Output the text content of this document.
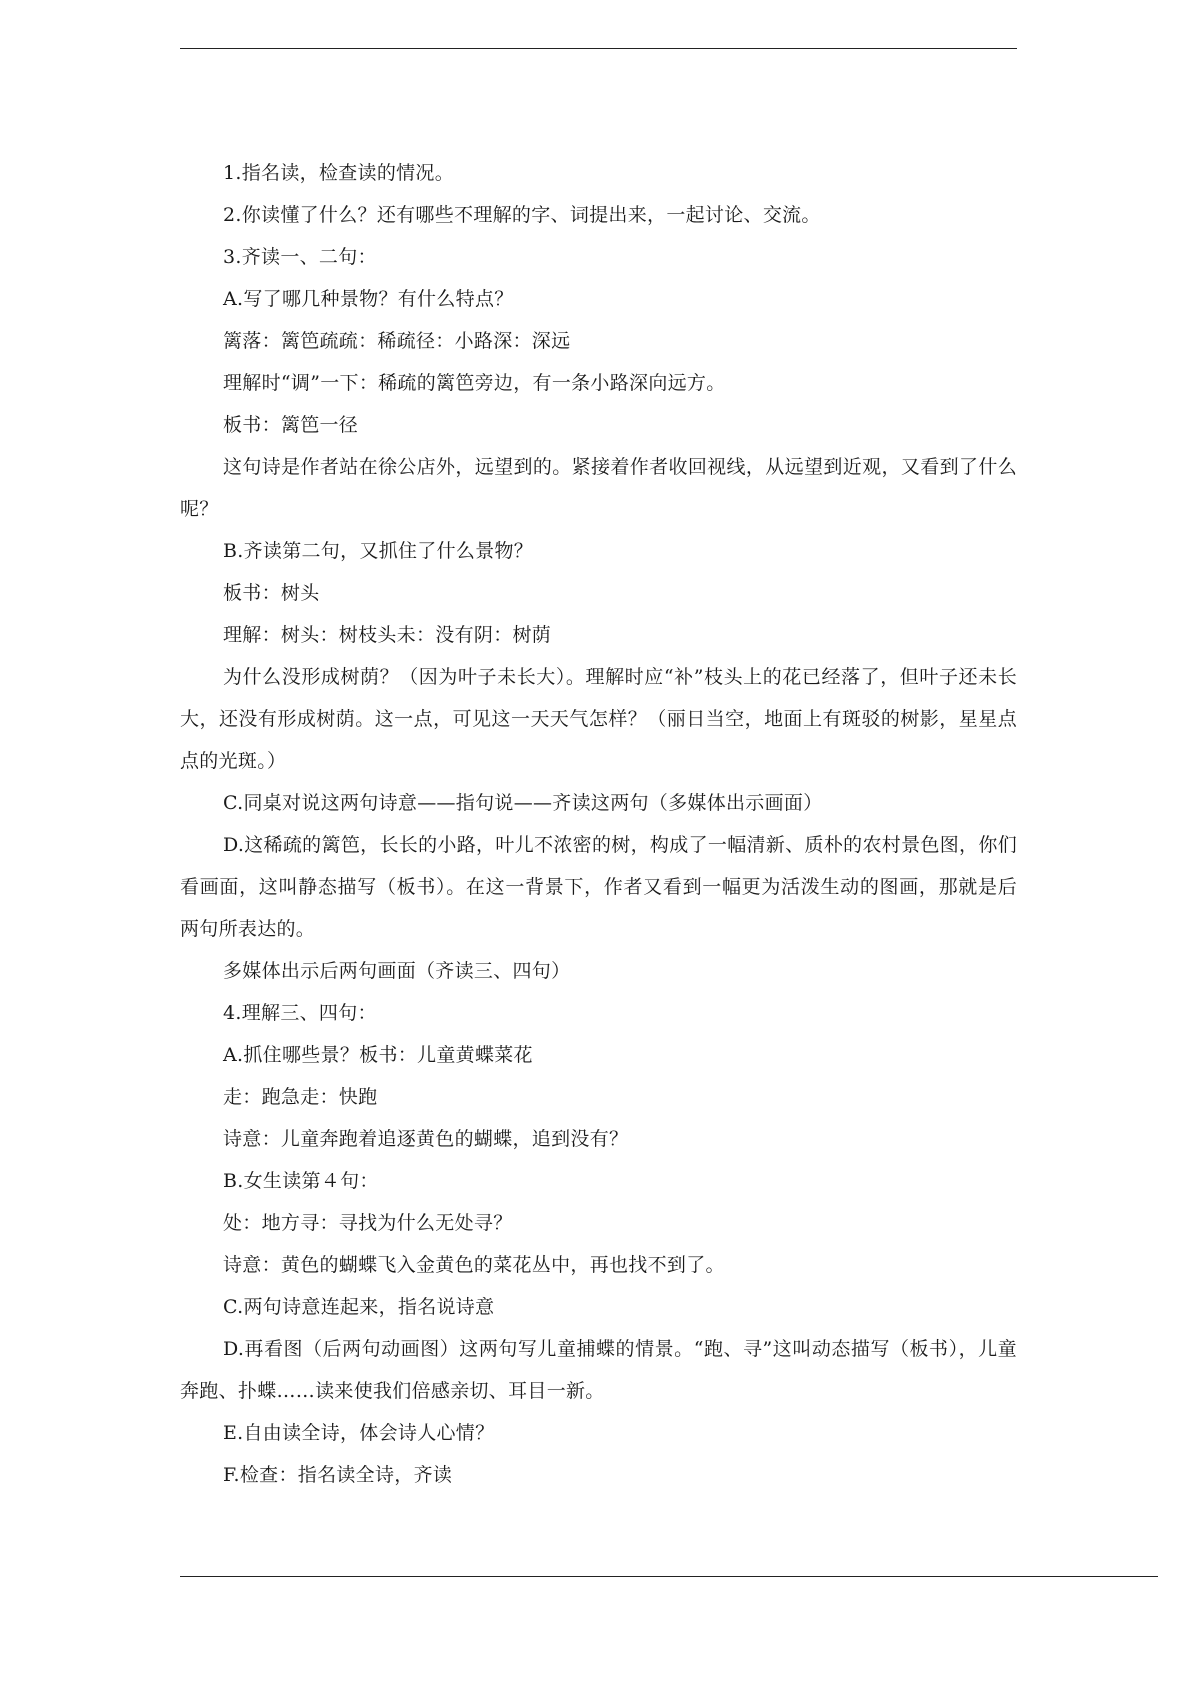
1.指名读，检查读的情况。

2.你读懂了什么？还有哪些不理解的字、词提出来，一起讨论、交流。

3.齐读一、二句：

A.写了哪几种景物？有什么特点？

篱落：篱笆疏疏：稀疏径：小路深：深远

理解时“调”一下：稀疏的篱笆旁边，有一条小路深向远方。

板书：篱笆一径

这句诗是作者站在徐公店外，远望到的。紧接着作者收回视线，从远望到近观，又看到了什么呢？

B.齐读第二句，又抓住了什么景物？

板书：树头

理解：树头：树枝头未：没有阴：树荫

为什么没形成树荫？（因为叶子未长大）。理解时应“补”枝头上的花已经落了，但叶子还未长大，还没有形成树荫。这一点，可见这一天天气怎样？（丽日当空，地面上有斑驳的树影，星星点点的光斑。）

C.同桌对说这两句诗意——指句说——齐读这两句（多媒体出示画面）

D.这稀疏的篱笆，长长的小路，叶儿不浓密的树，构成了一幅清新、质朴的农村景色图，你们看画面，这叫静态描写（板书）。在这一背景下，作者又看到一幅更为活泼生动的图画，那就是后两句所表达的。

多媒体出示后两句画面（齐读三、四句）

4.理解三、四句：

A.抓住哪些景？板书：儿童黄蝶菜花

走：跑急走：快跑

诗意：儿童奔跑着追逐黄色的蝴蝶，追到没有？

B.女生读第４句：

处：地方寻：寻找为什么无处寻？

诗意：黄色的蝴蝶飞入金黄色的菜花丛中，再也找不到了。

C.两句诗意连起来，指名说诗意

D.再看图（后两句动画图）这两句写儿童捕蝶的情景。“跑、寻”这叫动态描写（板书），儿童奔跑、扑蝶……读来使我们倍感亲切、耳目一新。

E.自由读全诗，体会诗人心情？

F.检查：指名读全诗，齐读
